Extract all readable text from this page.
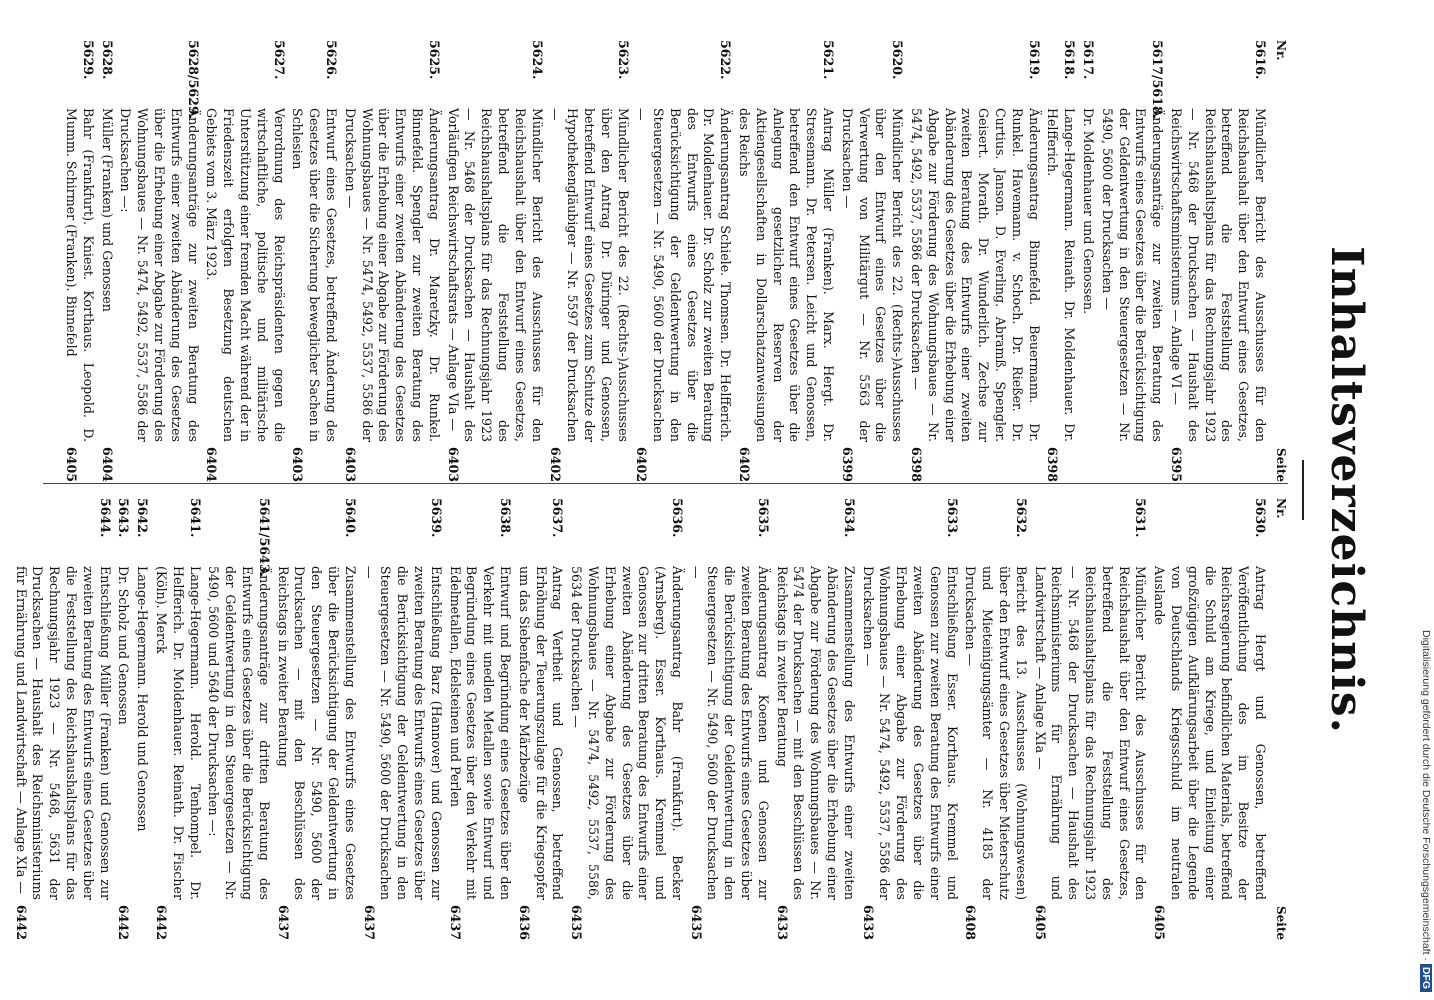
Inhaltsverzeichnis.
Nr.
Seite
5616.
Mündlicher Bericht des Ausschusses für den Reichshaushalt über den Entwurf eines Gesetzes, betreffend die Feststellung des Reichshaushaltsplans für das Rechnungsjahr 1923 — Nr. 5468 der Drucksachen — Haushalt des Reichswirtschaftsministeriums — Anlage VI —
6395
5617/5618.
Änderungsanträge zur zweiten Beratung des Entwurfs eines Gesetzes über die Berücksichtigung der Geldentwertung in den Steuergesetzen — Nr. 5490, 5600 der Drucksachen —
5617.
Dr. Moldenhauer und Genossen.
5618.
Lange-Hegermann. Reinath. Dr. Moldenhauer. Dr. Helfferich.
6398
5619.
Änderungsantrag Binnefeld. Beuermann. Dr. Runkel. Havemann. v. Schoch. Dr. Rießer. Dr. Curtius. Janson. D. Everling. Abramß. Spengler. Geisert. Morath. Dr. Wunderlich. Zechse zur zweiten Beratung des Entwurfs einer zweiten Abänderung des Gesetzes über die Erhebung einer Abgabe zur Förderung des Wohnungsbaues — Nr. 5474, 5492, 5537, 5586 der Drucksachen —
6398
5620.
Mündlicher Bericht des 22. (Rechts-)Ausschusses über den Entwurf eines Gesetzes über die Verwertung von Militärgut — Nr. 5563 der Drucksachen —
6399
5621.
Antrag Müller (Franken). Marx. Hergt. Dr. Stresemann. Dr. Petersen. Leicht und Genossen, betreffend den Entwurf eines Gesetzes über die Anlegung gesetzlicher Reserven der Aktiengesellschaften in Dollarschatzanweisungen des Reichs
6402
5622.
Änderungsantrag Schiele. Thomsen. Dr. Helfferich. Dr. Moldenhauer. Dr. Scholz zur zweiten Beratung des Entwurfs eines Gesetzes über die Berücksichtigung der Geldentwertung in den Steuergesetzen — Nr. 5490, 5600 der Drucksachen —
6402
5623.
Mündlicher Bericht des 22. (Rechts-)Ausschusses über den Antrag Dr. Düringer und Genossen, betreffend Entwurf eines Gesetzes zum Schutze der Hypothekengläubiger — Nr. 5597 der Drucksachen —
6402
5624.
Mündlicher Bericht des Ausschusses für den Reichshaushalt über den Entwurf eines Gesetzes, betreffend die Feststellung des Reichshaushaltsplans für das Rechnungsjahr 1923 — Nr. 5468 der Drucksachen — Haushalt des Vorläufigen Reichswirtschaftsrats — Anlage VIa —
6403
5625.
Änderungsantrag Dr. Maretzky. Dr. Runkel. Binnefeld. Spengler zur zweiten Beratung des Entwurfs einer zweiten Abänderung des Gesetzes über die Erhebung einer Abgabe zur Förderung des Wohnungsbaues — Nr. 5474, 5492, 5537, 5586 der Drucksachen —
6403
5626.
Entwurf eines Gesetzes, betreffend Änderung des Gesetzes über die Sicherung beweglicher Sachen in Schlesien
6403
5627.
Verordnung des Reichspräsidenten gegen die wirtschaftliche, politische und militärische Unterstützung einer fremden Macht während der in Friedenszeit erfolgten Besetzung deutschen Gebiets vom 3. März 1923.
6404
5628/5629.
Änderungsanträge zur zweiten Beratung des Entwurfs einer zweiten Abänderung des Gesetzes über die Erhebung einer Abgabe zur Förderung des Wohnungsbaues — Nr. 5474, 5492, 5537, 5586 der Drucksachen —:
5628.
Müller (Franken) und Genossen
6404
5629.
Bahr (Frankfurt). Kniest. Korthaus. Leopold. D. Mumm. Schirmer (Franken). Binnefeld
6405
Nr.
Seite
5630.
Antrag Hergt und Genossen, betreffend Veröffentlichung des im Besitze der Reichsregierung befindlichen Materials, betreffend die Schuld am Kriege, und Einleitung einer großzügigen Aufklärungsarbeit über die Legende von Deutschlands Kriegsschuld im neutralen Auslande
6405
5631.
Mündlicher Bericht des Ausschusses für den Reichshaushalt über den Entwurf eines Gesetzes, betreffend die Feststellung des Reichshaushaltsplans für das Rechnungsjahr 1923 — Nr. 5468 der Drucksachen — Haushalt des Reichsministeriums für Ernährung und Landwirtschaft — Anlage XIa —
6405
5632.
Bericht des 13. Ausschusses (Wohnungswesen) über den Entwurf eines Gesetzes über Mieterschutz und Mieteinigungsämter — Nr. 4185 der Drucksachen —
6408
5633.
Entschließung Esser. Korthaus. Kremmel und Genossen zur zweiten Beratung des Entwurfs einer zweiten Abänderung des Gesetzes über die Erhebung einer Abgabe zur Förderung des Wohnungsbaues — Nr. 5474, 5492, 5537, 5586 der Drucksachen —
6433
5634.
Zusammenstellung des Entwurfs einer zweiten Abänderung des Gesetzes über die Erhebung einer Abgabe zur Förderung des Wohnungsbaues — Nr. 5474 der Drucksachen — mit den Beschlüssen des Reichstags in zweiter Beratung
6433
5635.
Änderungsantrag Koenen und Genossen zur zweiten Beratung des Entwurfs eines Gesetzes über die Berücksichtigung der Geldentwertung in den Steuergesetzen — Nr. 5490, 5600 der Drucksachen —
6435
5636.
Änderungsantrag Bahr (Frankfurt). Becker (Arnsberg). Esser. Korthaus. Kremmel und Genossen zur dritten Beratung des Entwurfs einer zweiten Abänderung des Gesetzes über die Erhebung einer Abgabe zur Förderung des Wohnungsbaues — Nr. 5474, 5492, 5537, 5586, 5634 der Drucksachen —
6435
5637.
Antrag Vertheit und Genossen, betreffend Erhöhung der Teuerungszulage für die Kriegsopfer um das Siebenfache der Märzbezüge
6436
5638.
Entwurf und Begründung eines Gesetzes über den Verkehr mit unedlen Metallen sowie Entwurf und Begründung eines Gesetzes über den Verkehr mit Edelmetallen, Edelsteinen und Perlen
6437
5639.
Entschließung Barz (Hannover) und Genossen zur zweiten Beratung des Entwurfs eines Gesetzes über die Berücksichtigung der Geldentwertung in den Steuergesetzen — Nr. 5490, 5600 der Drucksachen —
6437
5640.
Zusammenstellung des Entwurfs eines Gesetzes über die Berücksichtigung der Geldentwertung in den Steuergesetzen — Nr. 5490, 5600 der Drucksachen — mit den Beschlüssen des Reichstags in zweiter Beratung
6437
5641/5643.
Änderungsanträge zur dritten Beratung des Entwurfs eines Gesetzes über die Berücksichtigung der Geldentwertung in den Steuergesetzen — Nr. 5490, 5600 und 5640 der Drucksachen —:
5641.
Lange-Hegermann. Herold. Tenhompel. Dr. Helfferich. Dr. Moldenhauer. Reinath. Dr. Fischer (Köln). Merck
6442
5642.
Lange-Hegermann. Herold und Genossen
5643.
Dr. Scholz und Genossen
6442
5644.
Entschließung Müller (Franken) und Genossen zur zweiten Beratung des Entwurfs eines Gesetzes über die Feststellung des Reichshaushaltsplans für das Rechnungsjahr 1923 — Nr. 5468, 5631 der Drucksachen — Haushalt des Reichsministeriums für Ernährung und Landwirtschaft — Anlage XIa —
6442	Digitalisierung gefördert durch die Deutsche Forschungsgemeinschaft · DFG
